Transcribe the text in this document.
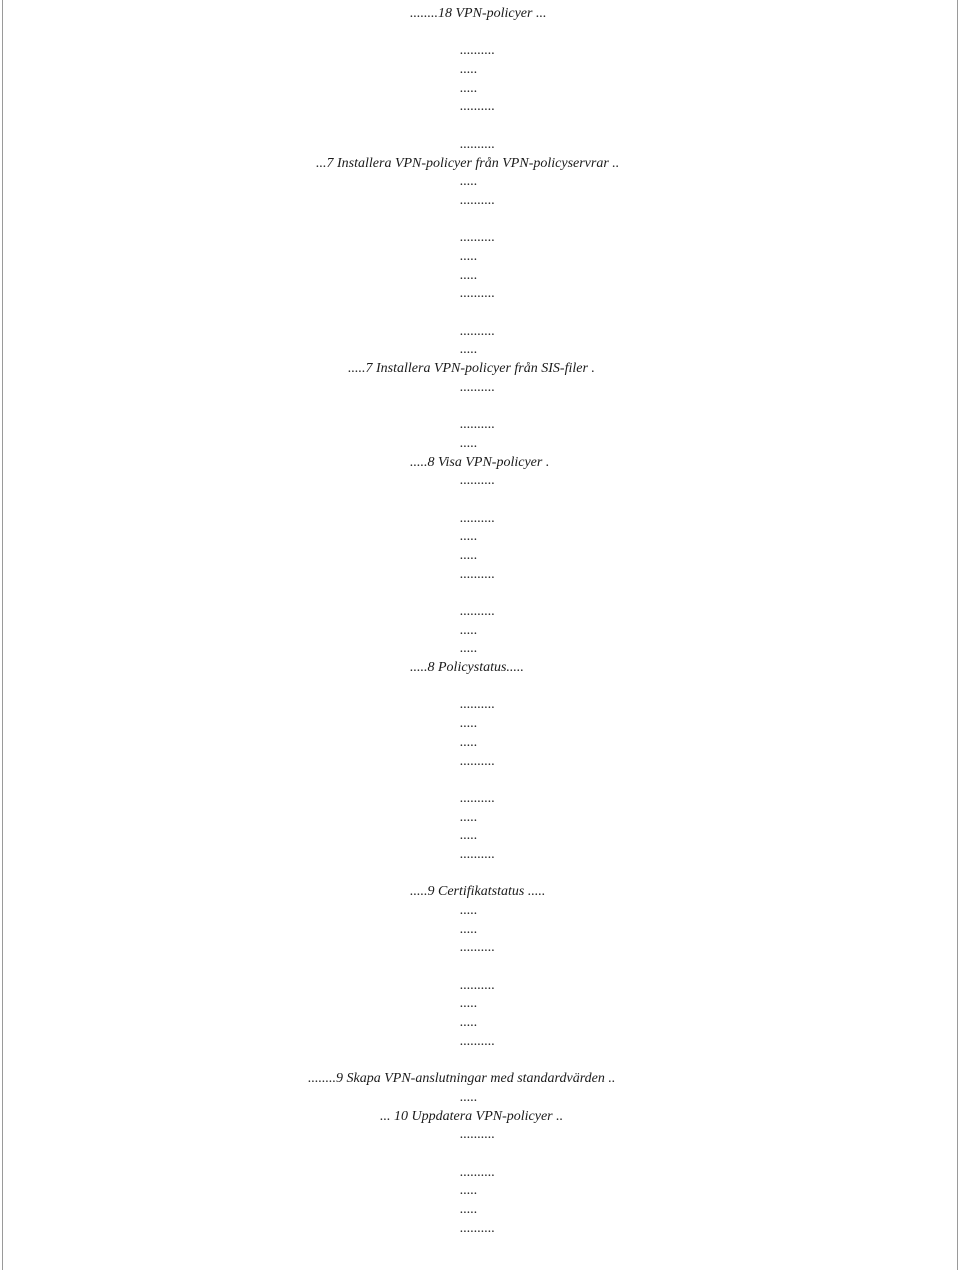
........18 VPN-policyer ...
..........
.....
.....
..........
..........
...7 Installera VPN-policyer från VPN-policyservrar ..
.....
..........
..........
.....
.....
..........
..........
.....
.....7 Installera VPN-policyer från SIS-filer .
..........
..........
.....
.....8 Visa VPN-policyer .
..........
..........
.....
.....
..........
..........
.....
.....
.....8 Policystatus.....
..........
.....
.....
..........
..........
.....
.....
..........
.....9 Certifikatstatus .....
.....
.....
..........
..........
.....
.....
..........
........9 Skapa VPN-anslutningar med standardvärden ..
.....
... 10 Uppdatera VPN-policyer ..
..........
..........
.....
.....
..........
